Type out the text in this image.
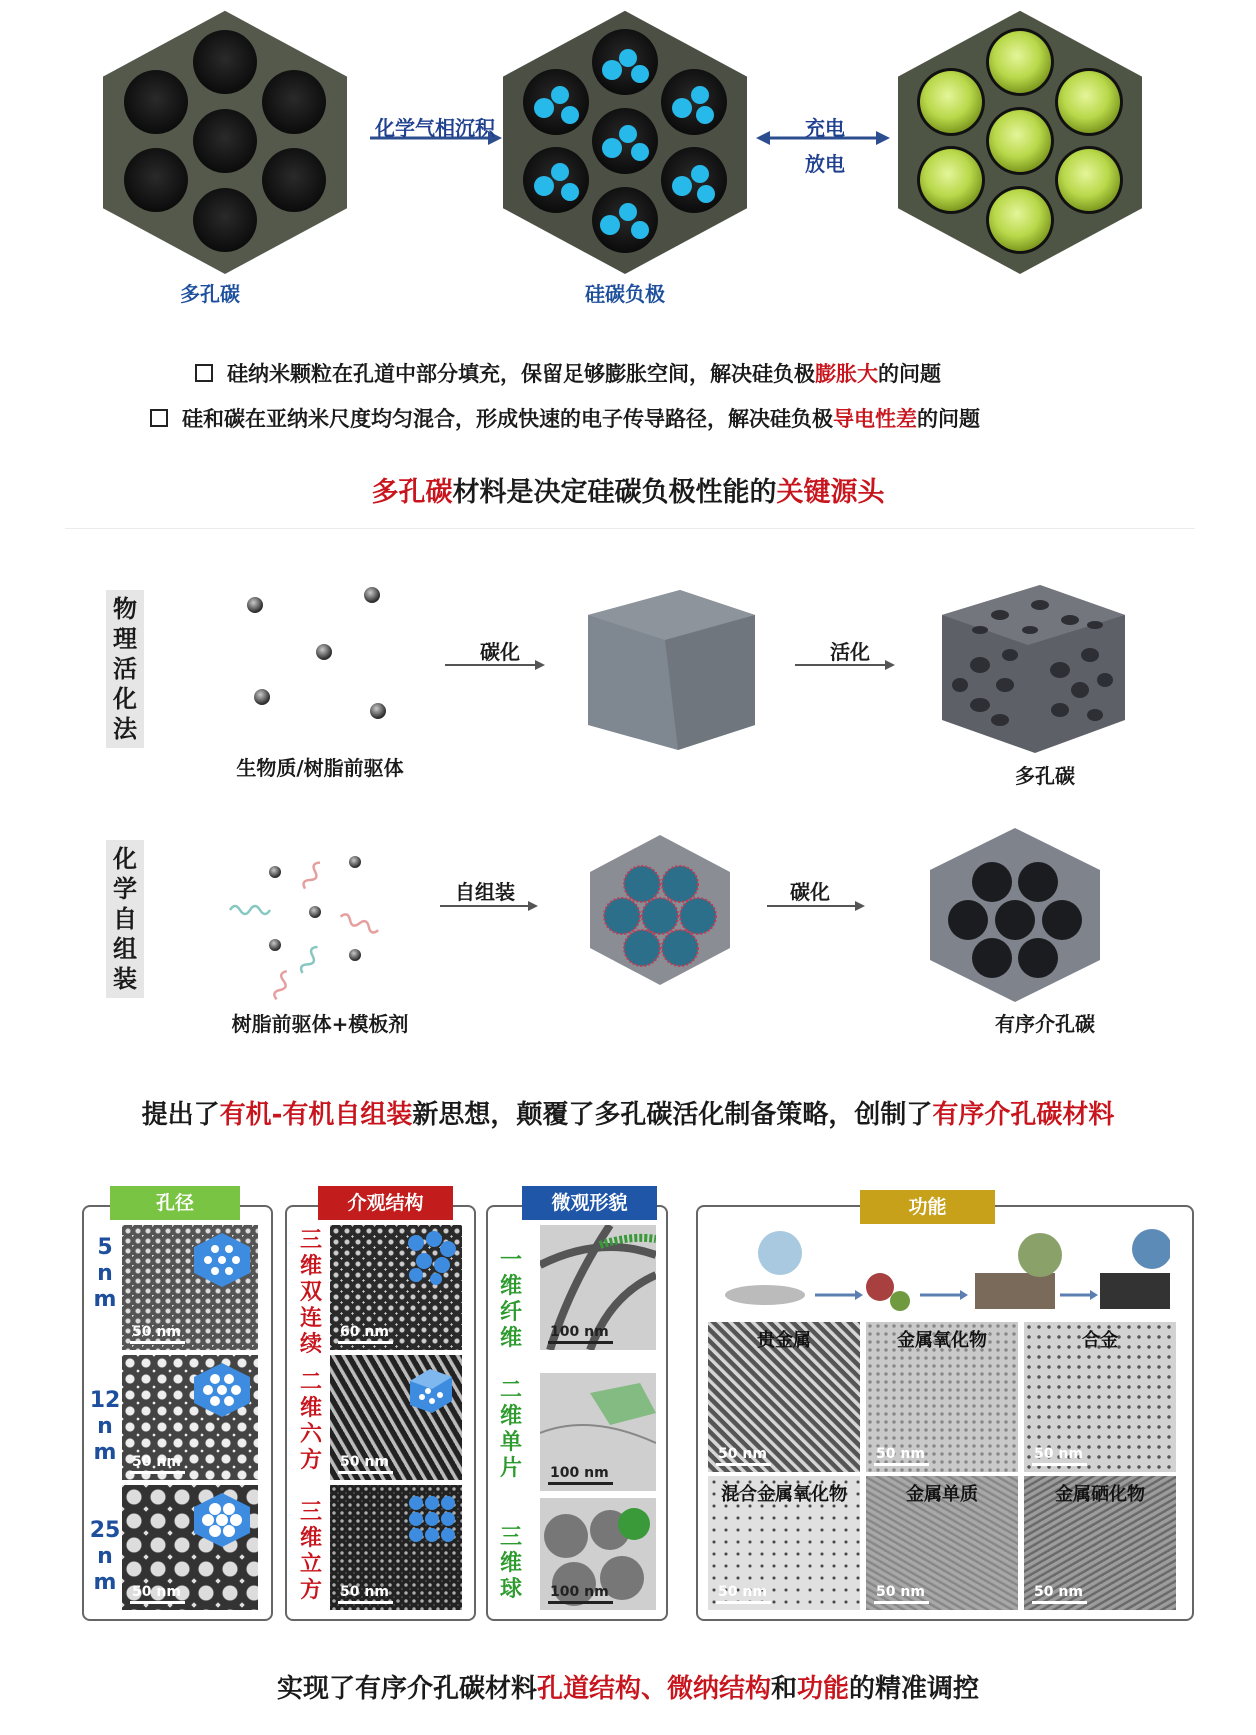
化学气相沉积	充电
放电
多孔碳	硅碳负极
硅纳米颗粒在孔道中部分填充，保留足够膨胀空间，解决硅负极膨胀大的问题
硅和碳在亚纳米尺度均匀混合，形成快速的电子传导路径，解决硅负极导电性差的问题
多孔碳材料是决定硅碳负极性能的关键源头
物
理
活
化
法
碳化	活化
生物质/树脂前驱体	多孔碳
化
学
自
组
装
自组装	碳化
树脂前驱体+模板剂	有序介孔碳
提出了有机-有机自组装新思想，颠覆了多孔碳活化制备策略，创制了有序介孔碳材料
孔径
5
n
m
12
n
m
25
n
m
50 nm
50 nm
50 nm
介观结构
三
维
双
连
续
二
维
六
方
三
维
立
方
60 nm
50 nm
50 nm
微观形貌
一
维
纤
维
二
维
单
片
三
维
球
100 nm
100 nm
100 nm
功能
贵金属
50 nm
金属氧化物
50 nm
合金
50 nm
混合金属氧化物
50 nm
金属单质
50 nm
金属硒化物
50 nm
实现了有序介孔碳材料孔道结构、微纳结构和功能的精准调控
